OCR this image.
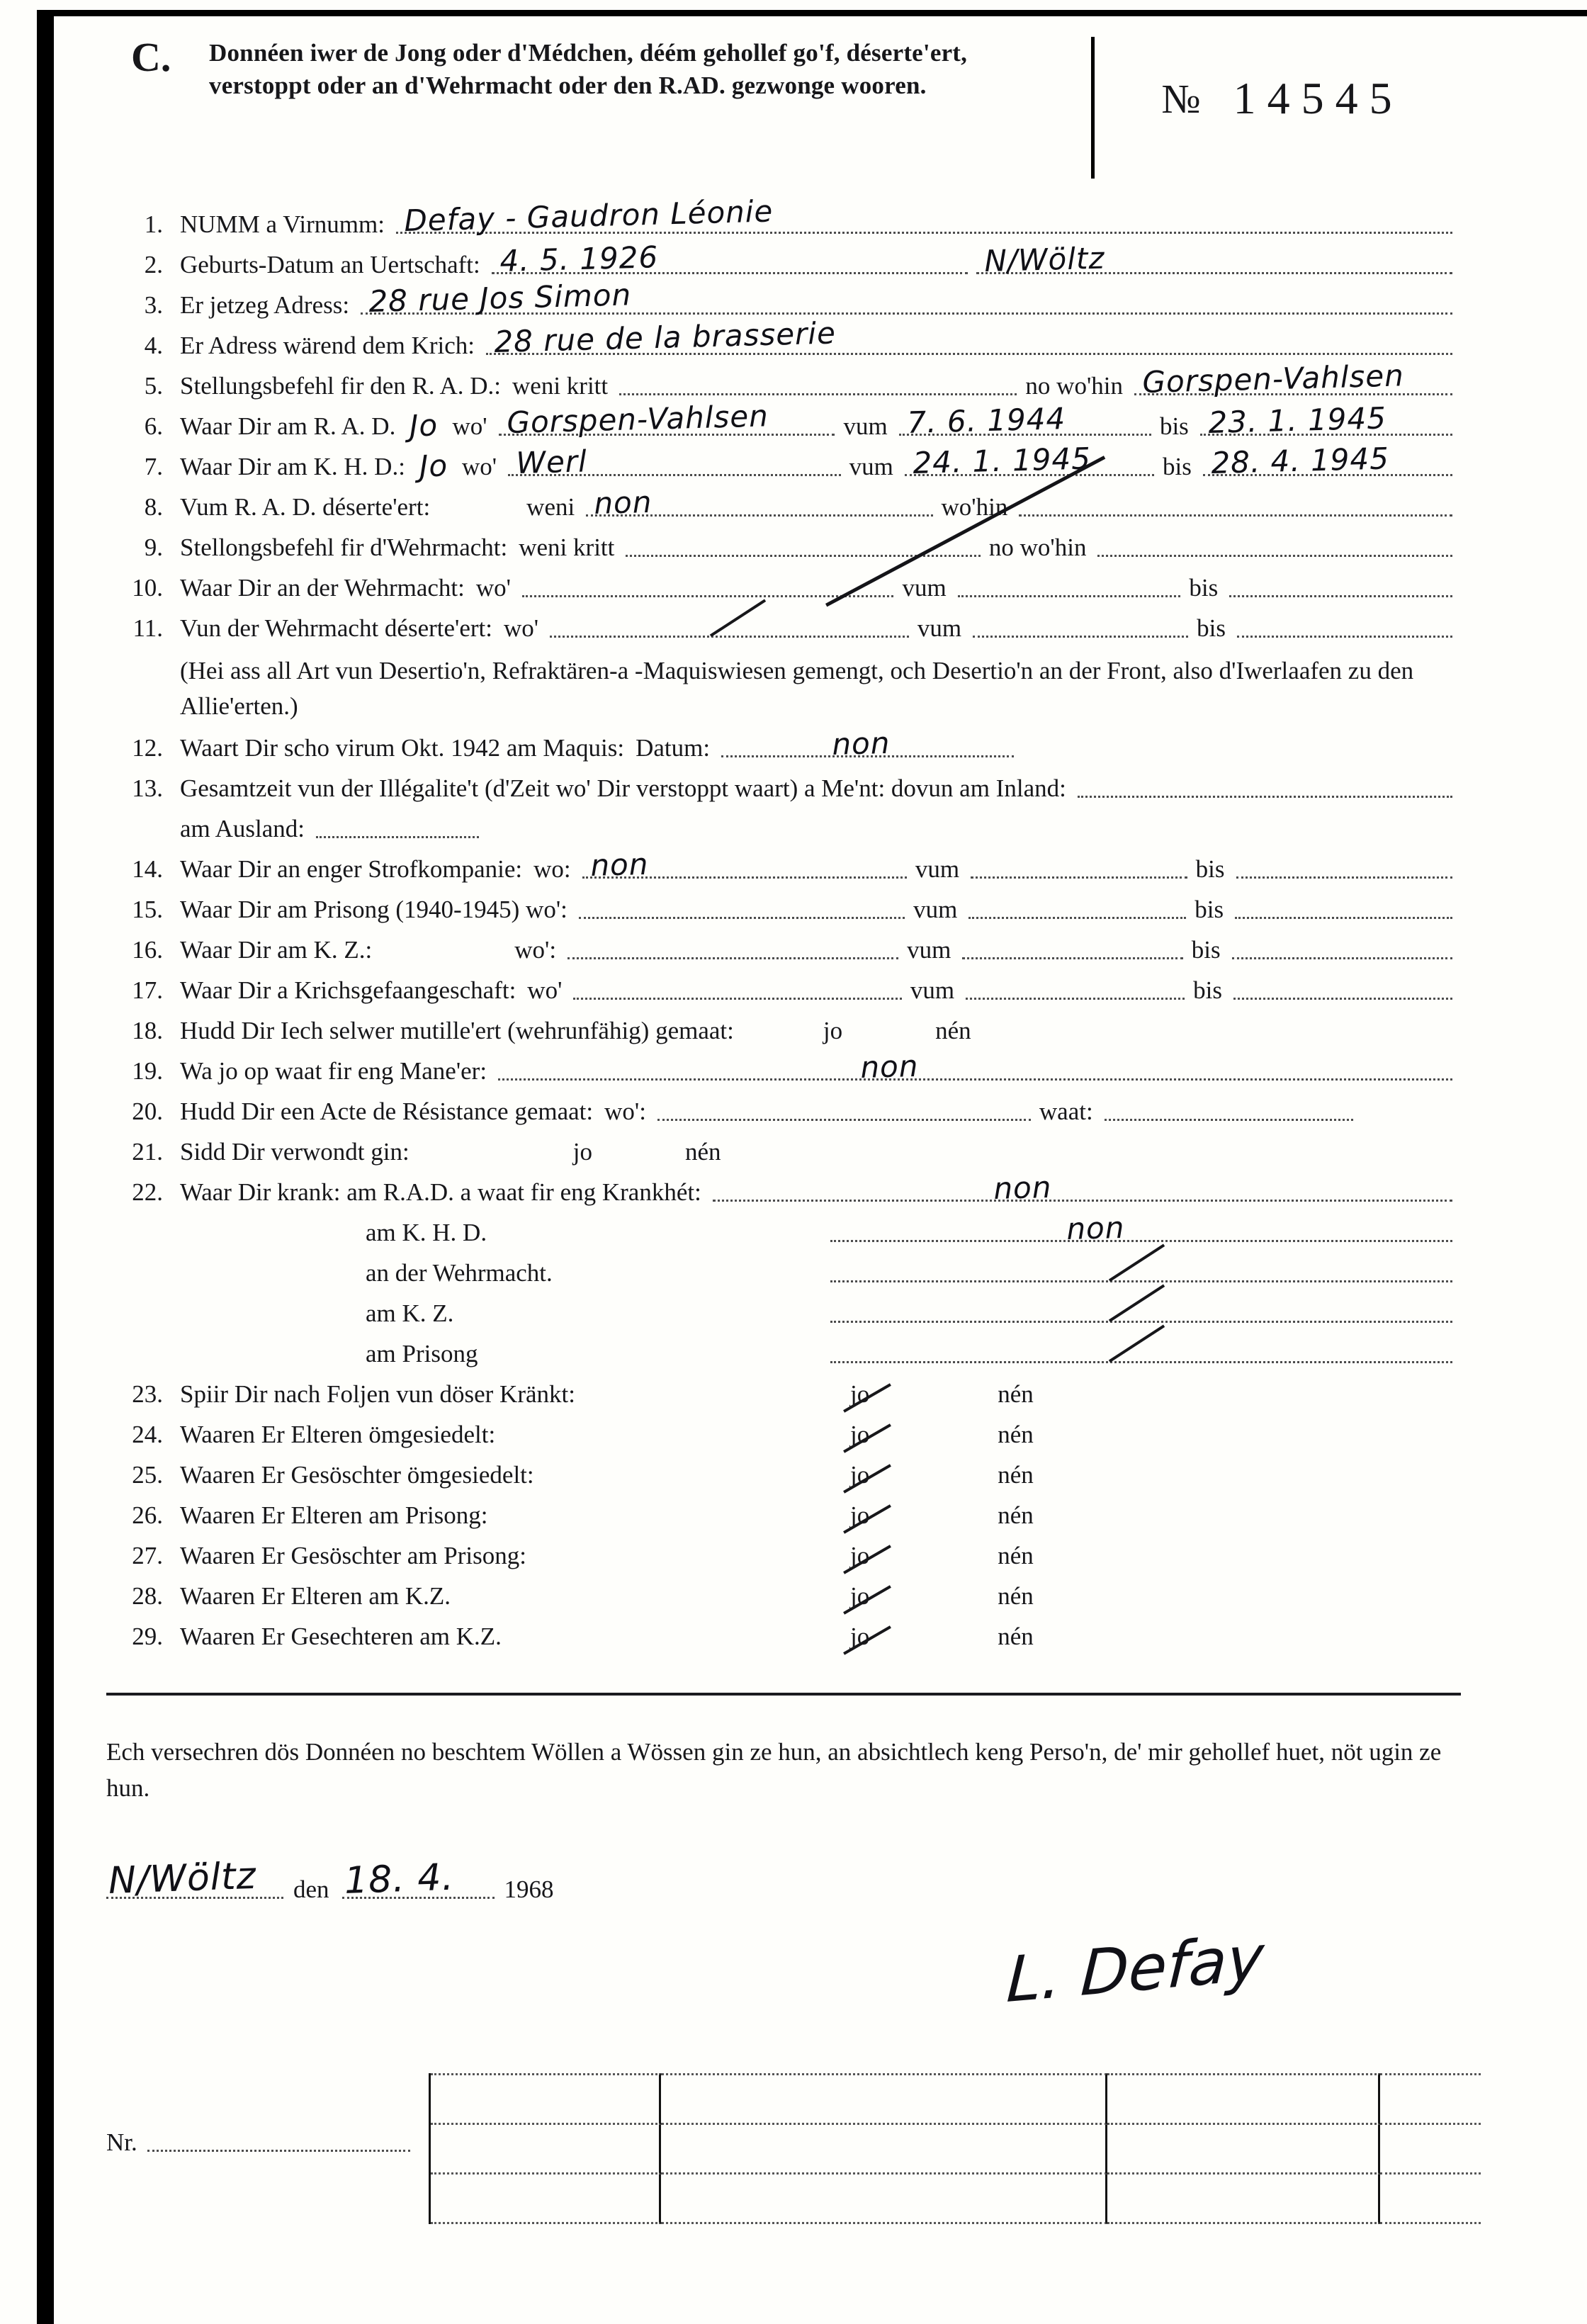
C.	Donnéen iwer de Jong oder d'Médchen, déém gehollef go'f, déserte'ert, verstoppt oder an d'Wehrmacht oder den R.AD. gezwonge wooren.	№ 14545
1. NUMM a Virnumm: Defay - Gaudron Léonie
2. Geburts-Datum an Uertschaft: 4. 5. 1926	N/Wöltz
3. Er jetzeg Adress: 28 rue Jos Simon
4. Er Adress wärend dem Krich: 28 rue de la brasserie
5. Stellungsbefehl fir den R. A. D.: weni kritt	no wo'hin Gorspen-Vahlsen
6. Waar Dir am R. A. D. Jo wo' Gorspen-Vahlsen	vum 7. 6. 1944	bis 23. 1. 1945
7. Waar Dir am K. H. D.: Jo wo' Werl	vum 24. 1. 1945	bis 28. 4. 1945
8. Vum R. A. D. déserte'ert:	weni non	wo'hin
9. Stellongsbefehl fir d'Wehrmacht: weni kritt	no wo'hin
10. Waar Dir an der Wehrmacht: wo'	vum	bis
11. Vun der Wehrmacht déserte'ert: wo'	vum	bis
(Hei ass all Art vun Desertio'n, Refraktären-a -Maquiswiesen gemengt, och Desertio'n an der Front, also d'Iwerlaafen zu den Allie'erten.)
12. Waart Dir scho virum Okt. 1942 am Maquis: Datum:	non
13. Gesamtzeit vun der Illégalite't (d'Zeit wo' Dir verstoppt waart) a Me'nt: dovun am Inland:
am Ausland:
14. Waar Dir an enger Strofkompanie: wo: non	vum	bis
15. Waar Dir am Prisong (1940-1945) wo':	vum	bis
16. Waar Dir am K. Z.:	wo':	vum	bis
17. Waar Dir a Krichsgefaangeschaft: wo'	vum	bis
18. Hudd Dir Iech selwer mutille'ert (wehrunfähig) gemaat:	jo	nén
19. Wa jo op waat fir eng Mane'er:	non
20. Hudd Dir een Acte de Résistance gemaat: wo':	waat:
21. Sidd Dir verwondt gin:	jo	nén
22. Waar Dir krank: am R.A.D. a waat fir eng Krankhét:	non
am K. H. D.	non
an der Wehrmacht.
am K. Z.
am Prisong
23. Spiir Dir nach Foljen vun döser Kränkt:	jo	nén
24. Waaren Er Elteren ömgesiedelt:	jo	nén
25. Waaren Er Gesöschter ömgesiedelt:	jo	nén
26. Waaren Er Elteren am Prisong:	jo	nén
27. Waaren Er Gesöschter am Prisong:	jo	nén
28. Waaren Er Elteren am K.Z.	jo	nén
29. Waaren Er Gesechteren am K.Z.	jo	nén
Ech versechren dös Donnéen no beschtem Wöllen a Wössen gin ze hun, an absichtlech keng Perso'n, de' mir gehollef huet, nöt ugin ze hun.
N/Wöltz den 18. 4. 1968
L. Defay
Nr.
